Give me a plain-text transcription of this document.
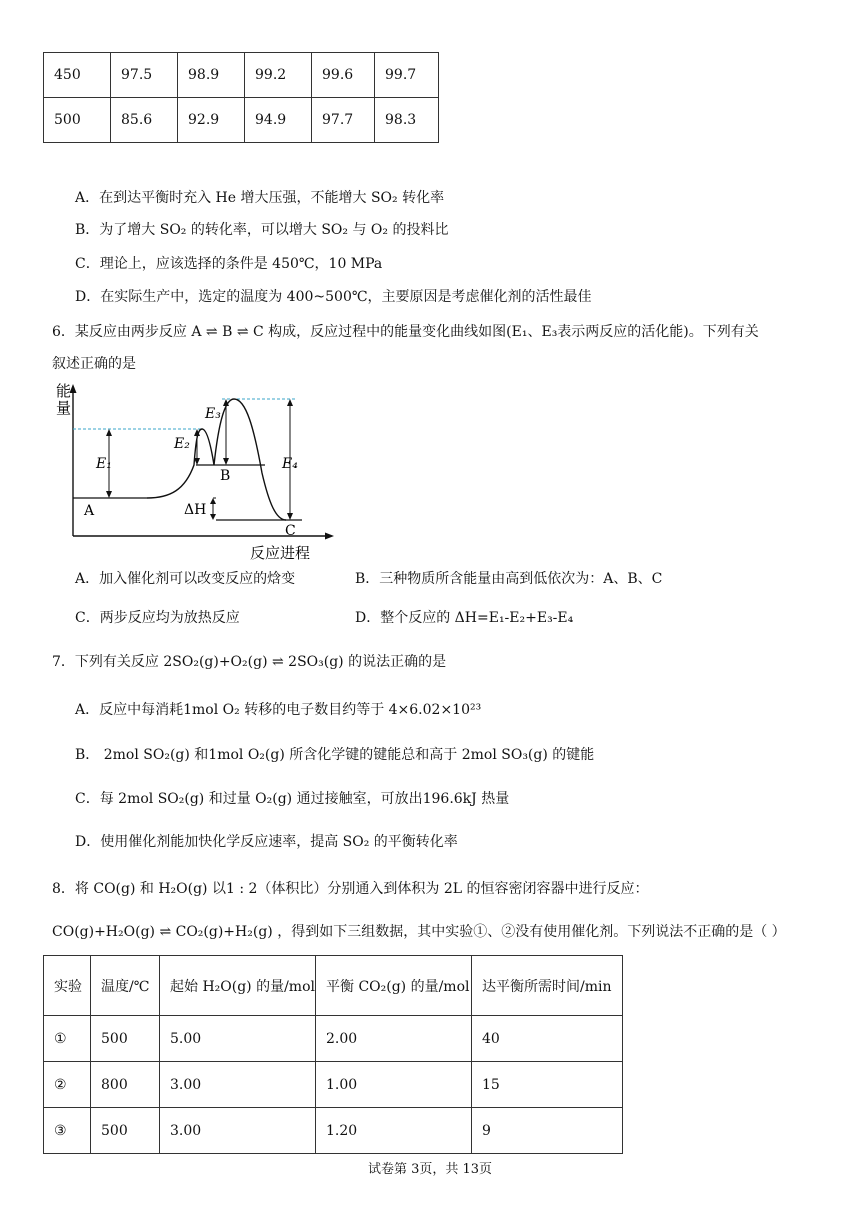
450	97.5	98.9	99.2	99.6	99.7
500	85.6	92.9	94.9	97.7	98.3
A．在到达平衡时充入 He 增大压强，不能增大 SO₂ 转化率
B．为了增大 SO₂ 的转化率，可以增大 SO₂ 与 O₂ 的投料比
C．理论上，应该选择的条件是 450℃，10 MPa
D．在实际生产中，选定的温度为 400~500℃，主要原因是考虑催化剂的活性最佳
6．某反应由两步反应 A ⇌ B ⇌ C 构成，反应过程中的能量变化曲线如图(E₁、E₃表示两反应的活化能)。下列有关
叙述正确的是
能
量
反应进程
E₁
E₂
E₃
E₄
ΔH
A
B
C
A．加入催化剂可以改变反应的焓变	B．三种物质所含能量由高到低依次为：A、B、C
C．两步反应均为放热反应	D．整个反应的 ΔH=E₁-E₂+E₃-E₄
7．下列有关反应 2SO₂(g)+O₂(g) ⇌ 2SO₃(g) 的说法正确的是
A．反应中每消耗1mol O₂ 转移的电子数目约等于 4×6.02×10²³
B． 2mol SO₂(g) 和1mol O₂(g) 所含化学键的键能总和高于 2mol SO₃(g) 的键能
C．每 2mol SO₂(g) 和过量 O₂(g) 通过接触室，可放出196.6kJ 热量
D．使用催化剂能加快化学反应速率，提高 SO₂ 的平衡转化率
8．将 CO(g) 和 H₂O(g) 以1 : 2（体积比）分别通入到体积为 2L 的恒容密闭容器中进行反应：
CO(g)+H₂O(g) ⇌ CO₂(g)+H₂(g) ，得到如下三组数据，其中实验①、②没有使用催化剂。下列说法不正确的是（ ）
实验	温度/℃	起始 H₂O(g) 的量/mol	平衡 CO₂(g) 的量/mol	达平衡所需时间/min
①	500	5.00	2.00	40
②	800	3.00	1.00	15
③	500	3.00	1.20	9
试卷第 3页，共 13页
